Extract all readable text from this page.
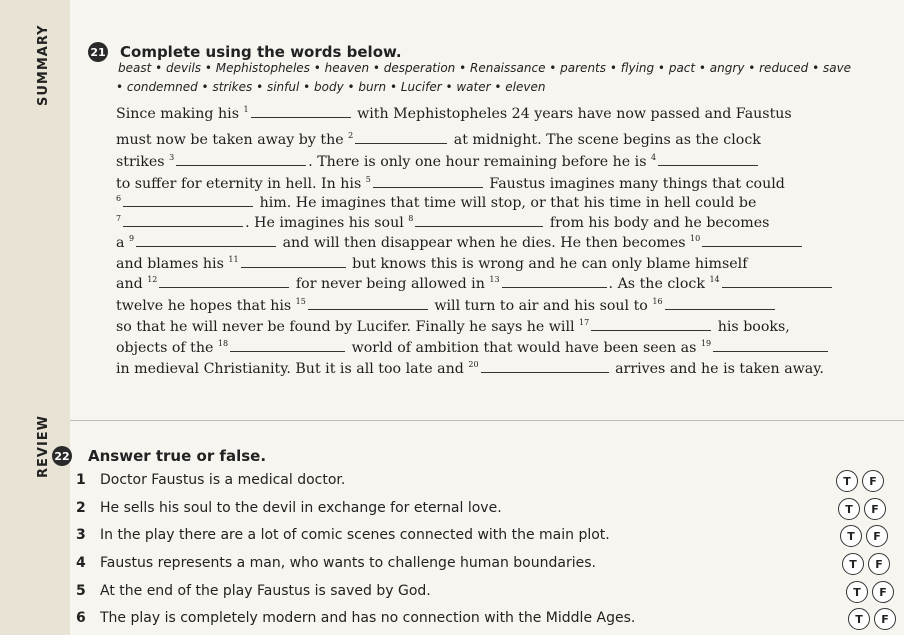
SUMMARY
REVIEW
21 Complete using the words below.
beast • devils • Mephistopheles • heaven • desperation • Renaissance • parents • flying • pact • angry • reduced • save
• condemned • strikes • sinful • body • burn • Lucifer • water • eleven
Since making his $^1$	with Mephistopheles 24 years have now passed and Faustus
must now be taken away by the $^2$	at midnight. The scene begins as the clock
strikes $^3$	. There is only one hour remaining before he is $^4$
to suffer for eternity in hell. In his $^5$	Faustus imagines many things that could
$^6$	him. He imagines that time will stop, or that his time in hell could be
$^7$	. He imagines his soul $^8$	from his body and he becomes
a $^9$	and will then disappear when he dies. He then becomes $^{10}$
and blames his $^{11}$	but knows this is wrong and he can only blame himself
and $^{12}$	for never being allowed in $^{13}$	. As the clock $^{14}$
twelve he hopes that his $^{15}$	will turn to air and his soul to $^{16}$
so that he will never be found by Lucifer. Finally he says he will $^{17}$	his books,
objects of the $^{18}$	world of ambition that would have been seen as $^{19}$
in medieval Christianity. But it is all too late and $^{20}$	arrives and he is taken away.
22 Answer true or false.
1 Doctor Faustus is a medical doctor.	T	F
2 He sells his soul to the devil in exchange for eternal love.	T	F
3 In the play there are a lot of comic scenes connected with the main plot.	T	F
4 Faustus represents a man, who wants to challenge human boundaries.	T	F
5 At the end of the play Faustus is saved by God.	T	F
6 The play is completely modern and has no connection with the Middle Ages.	T	F
